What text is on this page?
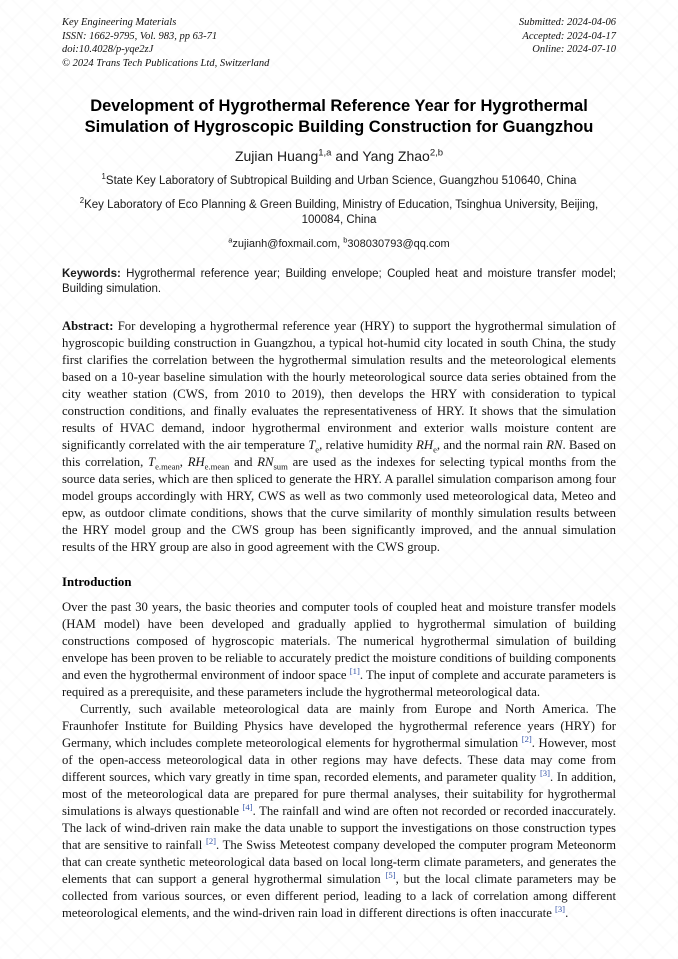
Key Engineering Materials
ISSN: 1662-9795, Vol. 983, pp 63-71
doi:10.4028/p-yqe2zJ
© 2024 Trans Tech Publications Ltd, Switzerland
Submitted: 2024-04-06
Accepted: 2024-04-17
Online: 2024-07-10
Development of Hygrothermal Reference Year for Hygrothermal Simulation of Hygroscopic Building Construction for Guangzhou
Zujian Huang$^{1,a}$ and Yang Zhao$^{2,b}$
$^1$State Key Laboratory of Subtropical Building and Urban Science, Guangzhou 510640, China
$^2$Key Laboratory of Eco Planning & Green Building, Ministry of Education, Tsinghua University, Beijing, 100084, China
$^a$zujianh@foxmail.com, $^b$308030793@qq.com
Keywords: Hygrothermal reference year; Building envelope; Coupled heat and moisture transfer model; Building simulation.

Abstract: For developing a hygrothermal reference year (HRY) to support the hygrothermal simulation of hygroscopic building construction in Guangzhou, a typical hot-humid city located in south China, the study first clarifies the correlation between the hygrothermal simulation results and the meteorological elements based on a 10-year baseline simulation with the hourly meteorological source data series obtained from the city weather station (CWS, from 2010 to 2019), then develops the HRY with consideration to typical construction conditions, and finally evaluates the representativeness of HRY. It shows that the simulation results of HVAC demand, indoor hygrothermal environment and exterior walls moisture content are significantly correlated with the air temperature $T_e$, relative humidity $RH_e$, and the normal rain RN. Based on this correlation, $T_{e.mean}$, $RH_{e.mean}$ and $RN_{sum}$ are used as the indexes for selecting typical months from the source data series, which are then spliced to generate the HRY. A parallel simulation comparison among four model groups accordingly with HRY, CWS as well as two commonly used meteorological data, Meteo and epw, as outdoor climate conditions, shows that the curve similarity of monthly simulation results between the HRY model group and the CWS group has been significantly improved, and the annual simulation results of the HRY group are also in good agreement with the CWS group.

Introduction

Over the past 30 years, the basic theories and computer tools of coupled heat and moisture transfer models (HAM model) have been developed and gradually applied to hygrothermal simulation of building constructions composed of hygroscopic materials. The numerical hygrothermal simulation of building envelope has been proven to be reliable to accurately predict the moisture conditions of building components and even the hygrothermal environment of indoor space [1]. The input of complete and accurate parameters is required as a prerequisite, and these parameters include the hygrothermal meteorological data.

Currently, such available meteorological data are mainly from Europe and North America. The Fraunhofer Institute for Building Physics have developed the hygrothermal reference years (HRY) for Germany, which includes complete meteorological elements for hygrothermal simulation [2]. However, most of the open-access meteorological data in other regions may have defects. These data may come from different sources, which vary greatly in time span, recorded elements, and parameter quality [3]. In addition, most of the meteorological data are prepared for pure thermal analyses, their suitability for hygrothermal simulations is always questionable [4]. The rainfall and wind are often not recorded or recorded inaccurately. The lack of wind-driven rain make the data unable to support the investigations on those construction types that are sensitive to rainfall [2]. The Swiss Meteotest company developed the computer program Meteonorm that can create synthetic meteorological data based on local long-term climate parameters, and generates the elements that can support a general hygrothermal simulation [5], but the local climate parameters may be collected from various sources, or even different period, leading to a lack of correlation among different meteorological elements, and the wind-driven rain load in different directions is often inaccurate [3].
